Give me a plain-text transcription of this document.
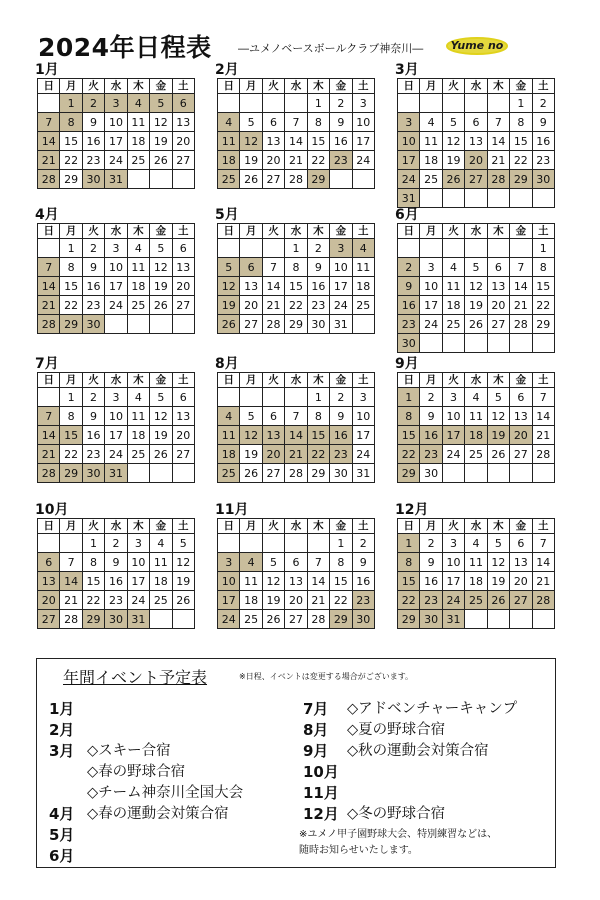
2024年日程表 ―ユメノベースボールクラブ神奈川― Yume no
1月
日	月	火	水	木	金	土
	1	2	3	4	5	6
7	8	9	10	11	12	13
14	15	16	17	18	19	20
21	22	23	24	25	26	27
28	29	30	31			
2月
日	月	火	水	木	金	土
				1	2	3
4	5	6	7	8	9	10
11	12	13	14	15	16	17
18	19	20	21	22	23	24
25	26	27	28	29		
3月
日	月	火	水	木	金	土
					1	2
3	4	5	6	7	8	9
10	11	12	13	14	15	16
17	18	19	20	21	22	23
24	25	26	27	28	29	30
31						
4月
日	月	火	水	木	金	土
	1	2	3	4	5	6
7	8	9	10	11	12	13
14	15	16	17	18	19	20
21	22	23	24	25	26	27
28	29	30				
5月
日	月	火	水	木	金	土
			1	2	3	4
5	6	7	8	9	10	11
12	13	14	15	16	17	18
19	20	21	22	23	24	25
26	27	28	29	30	31	
6月
日	月	火	水	木	金	土
						1
2	3	4	5	6	7	8
9	10	11	12	13	14	15
16	17	18	19	20	21	22
23	24	25	26	27	28	29
30						
7月
日	月	火	水	木	金	土
	1	2	3	4	5	6
7	8	9	10	11	12	13
14	15	16	17	18	19	20
21	22	23	24	25	26	27
28	29	30	31			
8月
日	月	火	水	木	金	土
				1	2	3
4	5	6	7	8	9	10
11	12	13	14	15	16	17
18	19	20	21	22	23	24
25	26	27	28	29	30	31
9月
日	月	火	水	木	金	土
1	2	3	4	5	6	7
8	9	10	11	12	13	14
15	16	17	18	19	20	21
22	23	24	25	26	27	28
29	30					
10月
日	月	火	水	木	金	土
		1	2	3	4	5
6	7	8	9	10	11	12
13	14	15	16	17	18	19
20	21	22	23	24	25	26
27	28	29	30	31		
11月
日	月	火	水	木	金	土
					1	2
3	4	5	6	7	8	9
10	11	12	13	14	15	16
17	18	19	20	21	22	23
24	25	26	27	28	29	30
12月
日	月	火	水	木	金	土
1	2	3	4	5	6	7
8	9	10	11	12	13	14
15	16	17	18	19	20	21
22	23	24	25	26	27	28
29	30	31				
年間イベント予定表	※日程、イベントは変更する場合がございます。
1月
2月
3月 ◇スキー合宿
◇春の野球合宿
◇チーム神奈川全国大会
4月 ◇春の運動会対策合宿
5月
6月
7月 ◇アドベンチャーキャンプ
8月 ◇夏の野球合宿
9月 ◇秋の運動会対策合宿
10月
11月
12月 ◇冬の野球合宿
※ユメノ甲子園野球大会、特別練習などは、
随時お知らせいたします。
